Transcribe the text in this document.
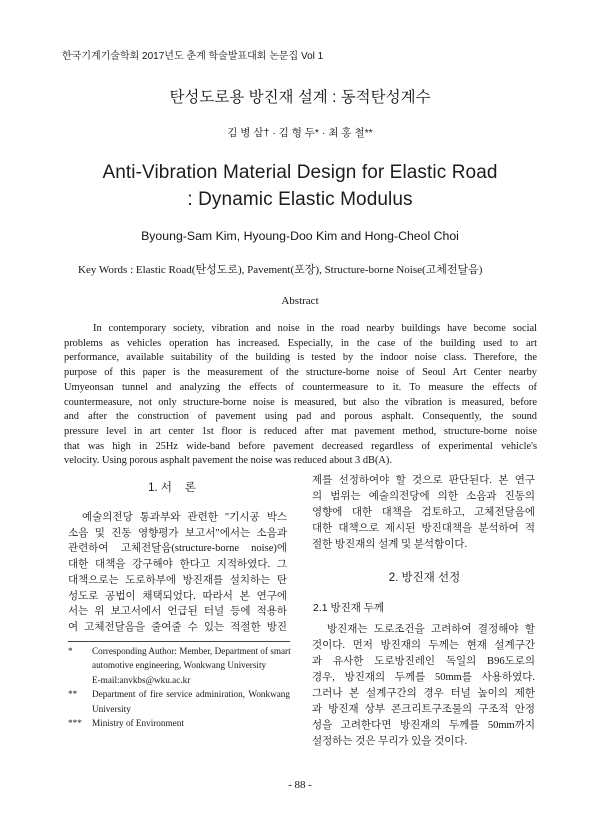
한국기계기술학회 2017년도 춘계 학술발표대회 논문집 Vol 1
탄성도로용 방진재 설계 : 동적탄성계수
김 병 삼† · 김 형 두* · 최 홍 철**
Anti-Vibration Material Design for Elastic Road
: Dynamic Elastic Modulus
Byoung-Sam Kim, Hyoung-Doo Kim and Hong-Cheol Choi
Key Words : Elastic Road(탄성도로), Pavement(포장), Structure-borne Noise(고체전달음)
Abstract
In contemporary society, vibration and noise in the road nearby buildings have become social
problems as vehicles operation has increased. Especially, in the case of the building used to art
performance, available suitability of the building is tested by the indoor noise class. Therefore, the
purpose of this paper is the measurement of the structure-borne noise of Seoul Art Center nearby
Umyeonsan tunnel and analyzing the effects of countermeasure to it. To measure the effects of
countermeasure, not only structure-borne noise is measured, but also the vibration is measured, before
and after the construction of pavement using pad and porous asphalt. Consequently, the sound
pressure level in art center 1st floor is reduced after mat pavement method, structure-borne noise
that was high in 25Hz wide-band before pavement decreased regardless of experimental vehicle's
velocity. Using porous asphalt pavement the noise was reduced about 3 dB(A).
1. 서    론
예술의전당 통과부와 관련한 "기시공 박스
소음 및 진동 영향평가 보고서"에서는 소음과
관련하여 고체전달음(structure-borne noise)에
대한 대책을 강구해야 한다고 지적하였다. 그
대책으로는 도로하부에 방진재를 설치하는 탄
성도로 공법이 채택되었다. 따라서 본 연구에
서는 위 보고서에서 언급된 터널 등에 적용하
여 고체전달음을 줄여줄 수 있는 적절한 방진
* Corresponding Author: Member, Department of smart
automotive engineering, Wonkwang University
E-mail:anvkbs@wku.ac.kr
** Department of fire service adminiration, Wonkwang
University
*** Ministry of Environment
제를 선정하여야 할 것으로 판단된다. 본 연구
의 범위는 예술의전당에 의한 소음과 진동의
영향에 대한 대책을 검토하고, 고체전달음에
대한 대책으로 제시된 방진대책을 분석하여 적
절한 방진재의 설계 및 분석함이다.
2. 방진재 선정
2.1 방진재 두께
방진재는 도로조건을 고려하여 결정해야 할
것이다. 먼저 방진재의 두께는 현재 설계구간
과 유사한 도로방진레인 독일의 B96도로의
경우, 방진재의 두께를 50mm를 사용하였다.
그러나 본 설계구간의 경우 터널 높이의 제한
과 방진재 상부 콘크리트구조물의 구조적 안정
성을 고려한다면 방진재의 두께를 50mm까지
설정하는 것은 무리가 있을 것이다.
- 88 -
